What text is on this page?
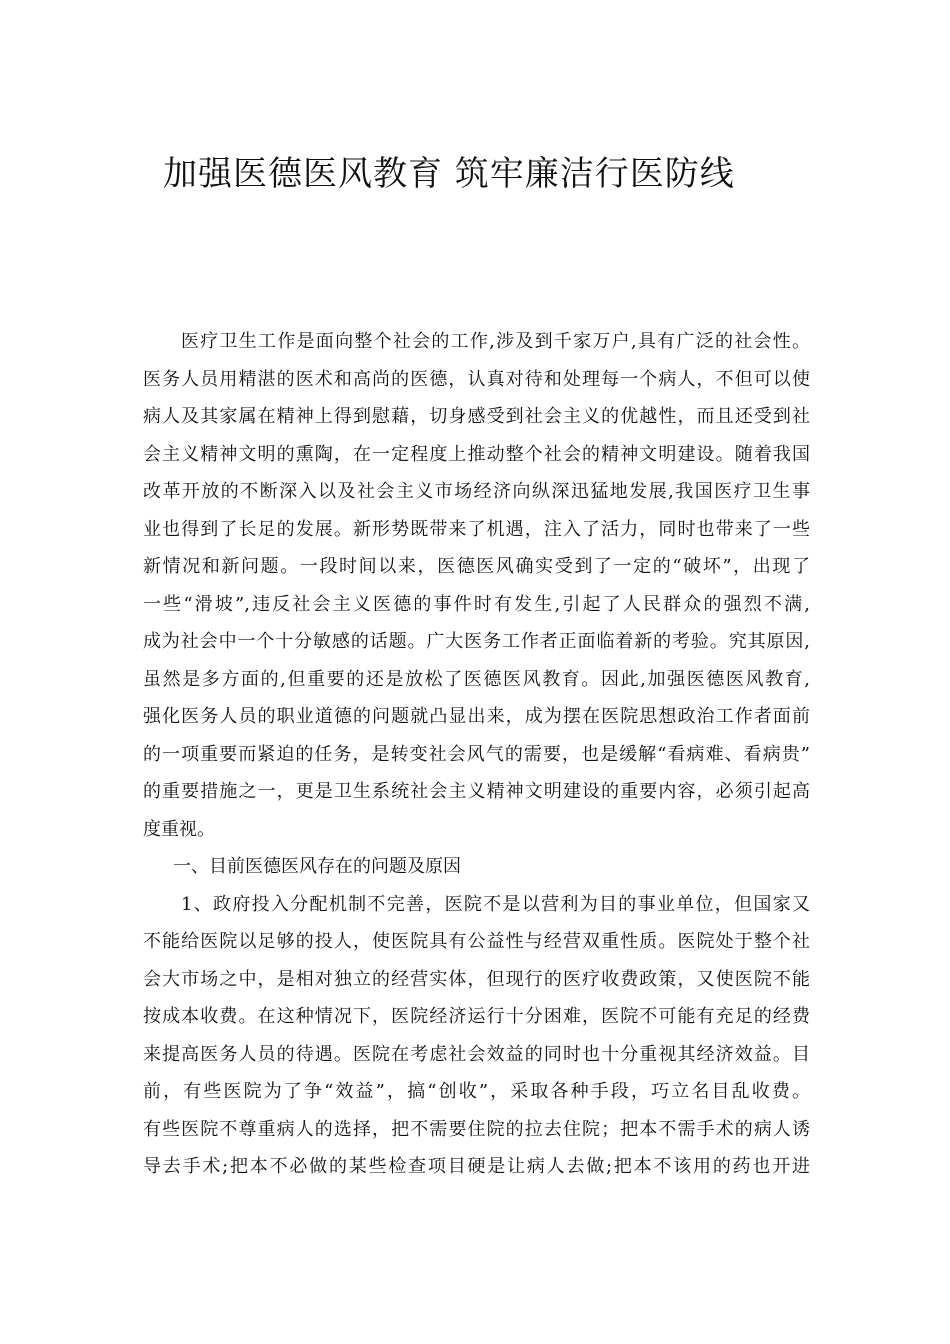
加强医德医风教育 筑牢廉洁行医防线
医疗卫生工作是面向整个社会的工作,涉及到千家万户,具有广泛的社会性。
医务人员用精湛的医术和高尚的医德，认真对待和处理每一个病人，不但可以使
病人及其家属在精神上得到慰藉，切身感受到社会主义的优越性，而且还受到社
会主义精神文明的熏陶，在一定程度上推动整个社会的精神文明建设。随着我国
改革开放的不断深入以及社会主义市场经济向纵深迅猛地发展,我国医疗卫生事
业也得到了长足的发展。新形势既带来了机遇，注入了活力，同时也带来了一些
新情况和新问题。一段时间以来，医德医风确实受到了一定的“破坏”，出现了
一些“滑坡”,违反社会主义医德的事件时有发生,引起了人民群众的强烈不满,
成为社会中一个十分敏感的话题。广大医务工作者正面临着新的考验。究其原因,
虽然是多方面的,但重要的还是放松了医德医风教育。因此,加强医德医风教育,
强化医务人员的职业道德的问题就凸显出来，成为摆在医院思想政治工作者面前
的一项重要而紧迫的任务，是转变社会风气的需要，也是缓解“看病难、看病贵”
的重要措施之一，更是卫生系统社会主义精神文明建设的重要内容，必须引起高
度重视。
一、目前医德医风存在的问题及原因
1、政府投入分配机制不完善，医院不是以营利为目的事业单位，但国家又
不能给医院以足够的投人，使医院具有公益性与经营双重性质。医院处于整个社
会大市场之中，是相对独立的经营实体，但现行的医疗收费政策，又使医院不能
按成本收费。在这种情况下，医院经济运行十分困难，医院不可能有充足的经费
来提高医务人员的待遇。医院在考虑社会效益的同时也十分重视其经济效益。目
前，有些医院为了争“效益”，搞“创收”，采取各种手段，巧立名目乱收费。
有些医院不尊重病人的选择，把不需要住院的拉去住院；把本不需手术的病人诱
导去手术;把本不必做的某些检查项目硬是让病人去做;把本不该用的药也开进
